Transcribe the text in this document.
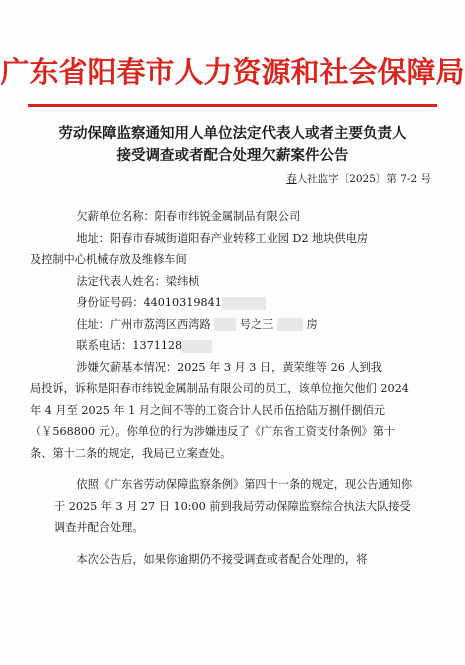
广东省阳春市人力资源和社会保障局
劳动保障监察通知用人单位法定代表人或者主要负责人
接受调查或者配合处理欠薪案件公告
春人社监字〔2025〕第 7-2 号

欠薪单位名称：阳春市纬锐金属制品有限公司

地址：阳春市春城街道阳春产业转移工业园 D2 地块供电房

及控制中心机械存放及维修车间

法定代表人姓名：梁纬桢

身份证号码：44010319841

住址：广州市荔湾区西湾路	号之三	房

联系电话：1371128

涉嫌欠薪基本情况：2025 年 3 月 3 日，黄荣维等 26 人到我

局投诉，诉称是阳春市纬锐金属制品有限公司的员工，该单位拖欠他们 2024 年 4 月至 2025 年 1 月之间不等的工资合计人民币伍拾陆万捌仟捌佰元（￥568800 元）。你单位的行为涉嫌违反了《广东省工资支付条例》第十条、第十二条的规定，我局已立案查处。

依照《广东省劳动保障监察条例》第四十一条的规定，现公告通知你于 2025 年 3 月 27 日 10:00 前到我局劳动保障监察综合执法大队接受调查并配合处理。

本次公告后，如果你逾期仍不接受调查或者配合处理的，将
